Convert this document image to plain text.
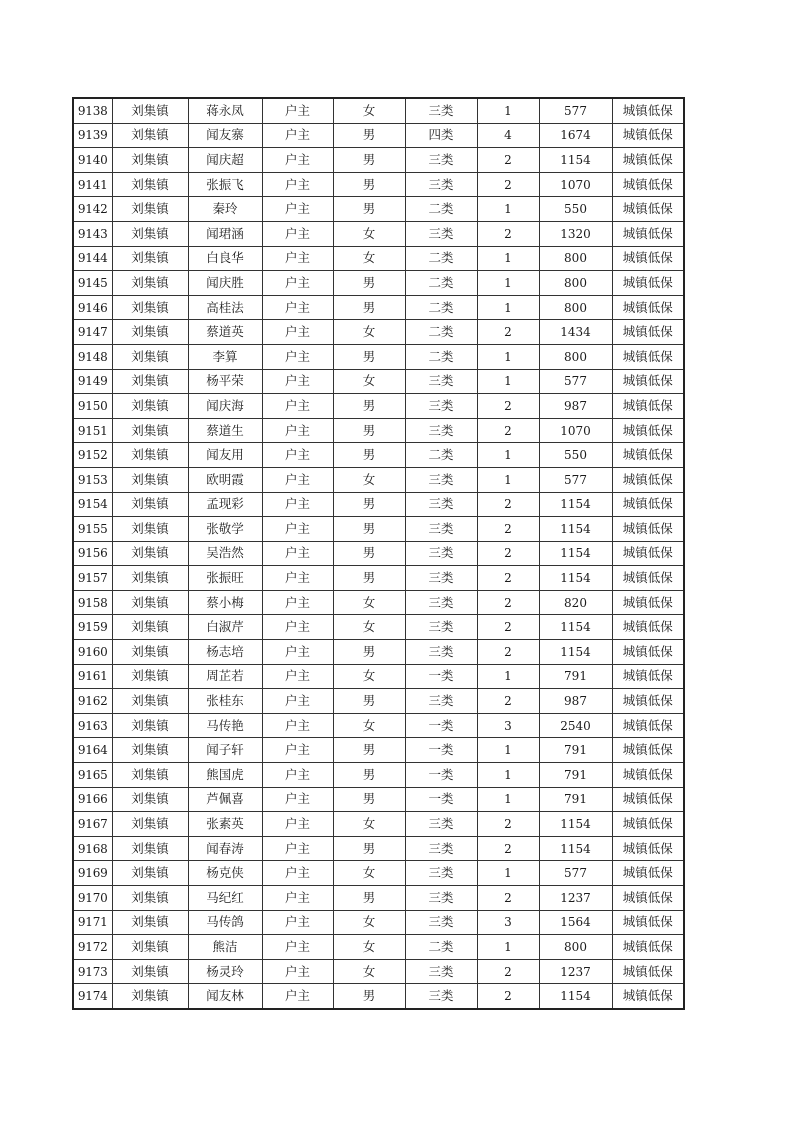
9138	刘集镇	蒋永凤	户主	女	三类	1	577	城镇低保
9139	刘集镇	闻友寨	户主	男	四类	4	1674	城镇低保
9140	刘集镇	闻庆超	户主	男	三类	2	1154	城镇低保
9141	刘集镇	张振飞	户主	男	三类	2	1070	城镇低保
9142	刘集镇	秦玲	户主	男	二类	1	550	城镇低保
9143	刘集镇	闻珺涵	户主	女	三类	2	1320	城镇低保
9144	刘集镇	白良华	户主	女	二类	1	800	城镇低保
9145	刘集镇	闻庆胜	户主	男	二类	1	800	城镇低保
9146	刘集镇	高桂法	户主	男	二类	1	800	城镇低保
9147	刘集镇	蔡道英	户主	女	二类	2	1434	城镇低保
9148	刘集镇	李算	户主	男	二类	1	800	城镇低保
9149	刘集镇	杨平荣	户主	女	三类	1	577	城镇低保
9150	刘集镇	闻庆海	户主	男	三类	2	987	城镇低保
9151	刘集镇	蔡道生	户主	男	三类	2	1070	城镇低保
9152	刘集镇	闻友用	户主	男	二类	1	550	城镇低保
9153	刘集镇	欧明霞	户主	女	三类	1	577	城镇低保
9154	刘集镇	孟现彩	户主	男	三类	2	1154	城镇低保
9155	刘集镇	张敬学	户主	男	三类	2	1154	城镇低保
9156	刘集镇	吴浩然	户主	男	三类	2	1154	城镇低保
9157	刘集镇	张振旺	户主	男	三类	2	1154	城镇低保
9158	刘集镇	蔡小梅	户主	女	三类	2	820	城镇低保
9159	刘集镇	白淑芹	户主	女	三类	2	1154	城镇低保
9160	刘集镇	杨志培	户主	男	三类	2	1154	城镇低保
9161	刘集镇	周芷若	户主	女	一类	1	791	城镇低保
9162	刘集镇	张桂东	户主	男	三类	2	987	城镇低保
9163	刘集镇	马传艳	户主	女	一类	3	2540	城镇低保
9164	刘集镇	闻子轩	户主	男	一类	1	791	城镇低保
9165	刘集镇	熊国虎	户主	男	一类	1	791	城镇低保
9166	刘集镇	芦佩喜	户主	男	一类	1	791	城镇低保
9167	刘集镇	张素英	户主	女	三类	2	1154	城镇低保
9168	刘集镇	闻春涛	户主	男	三类	2	1154	城镇低保
9169	刘集镇	杨克侠	户主	女	三类	1	577	城镇低保
9170	刘集镇	马纪红	户主	男	三类	2	1237	城镇低保
9171	刘集镇	马传鸽	户主	女	三类	3	1564	城镇低保
9172	刘集镇	熊洁	户主	女	二类	1	800	城镇低保
9173	刘集镇	杨灵玲	户主	女	三类	2	1237	城镇低保
9174	刘集镇	闻友林	户主	男	三类	2	1154	城镇低保
